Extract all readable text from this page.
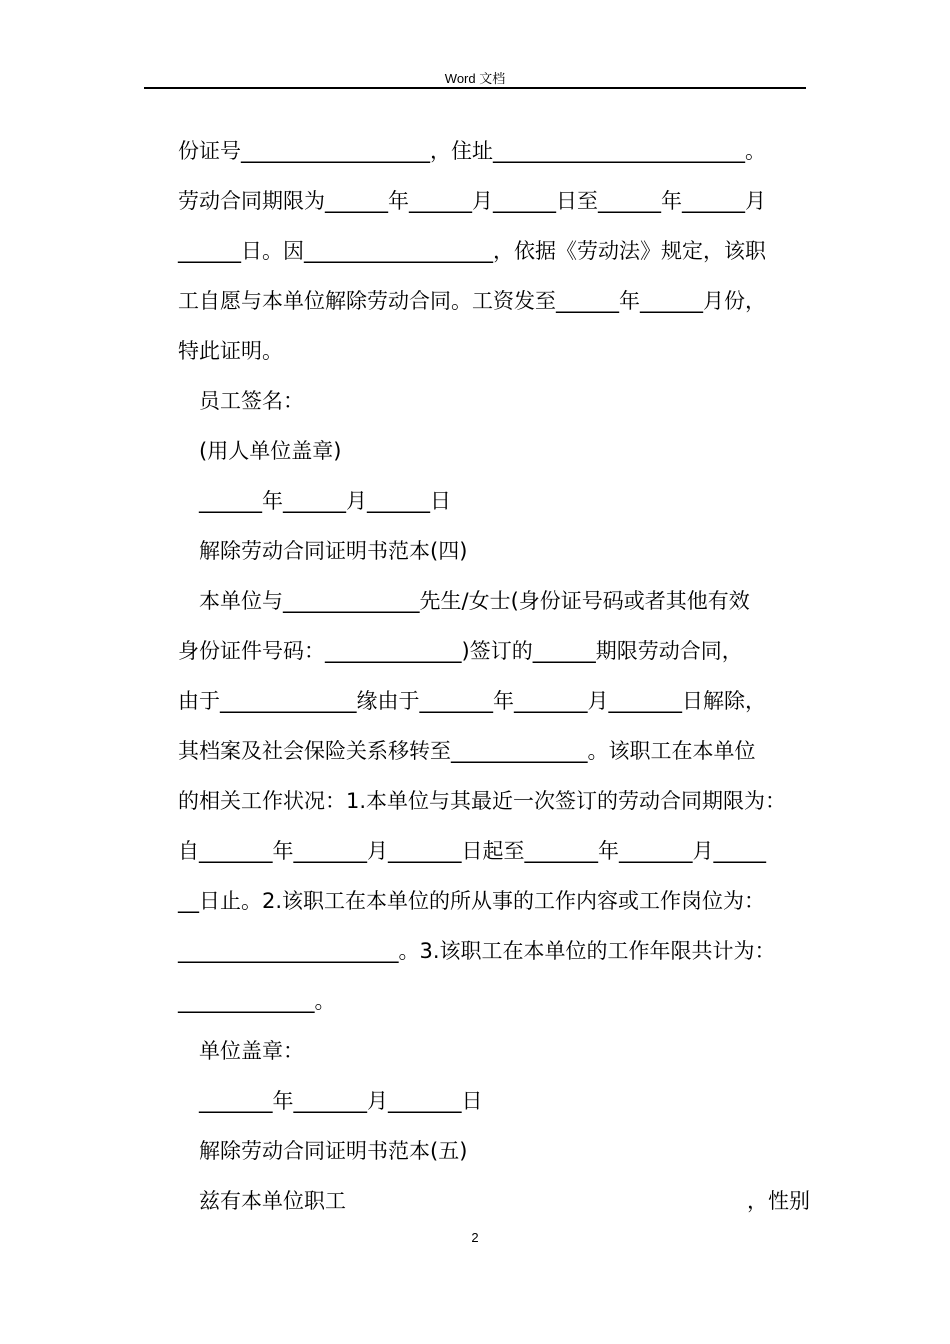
Word 文档
份证号__________________，住址________________________。
劳动合同期限为______年______月______日至______年______月
______日。因__________________，依据《劳动法》规定，该职
工自愿与本单位解除劳动合同。工资发至______年______月份，
特此证明。
员工签名：
(用人单位盖章)
______年______月______日
解除劳动合同证明书范本(四)
本单位与_____________先生/女士(身份证号码或者其他有效
身份证件号码：_____________)签订的______期限劳动合同，
由于_____________缘由于_______年_______月_______日解除，
其档案及社会保险关系移转至_____________。该职工在本单位
的相关工作状况：1.本单位与其最近一次签订的劳动合同期限为：
自_______年_______月_______日起至_______年_______月_____
__日止。2.该职工在本单位的所从事的工作内容或工作岗位为：
_____________________。3.该职工在本单位的工作年限共计为：
_____________。
单位盖章：
_______年_______月_______日
解除劳动合同证明书范本(五)
兹有本单位职工	，性别
2
